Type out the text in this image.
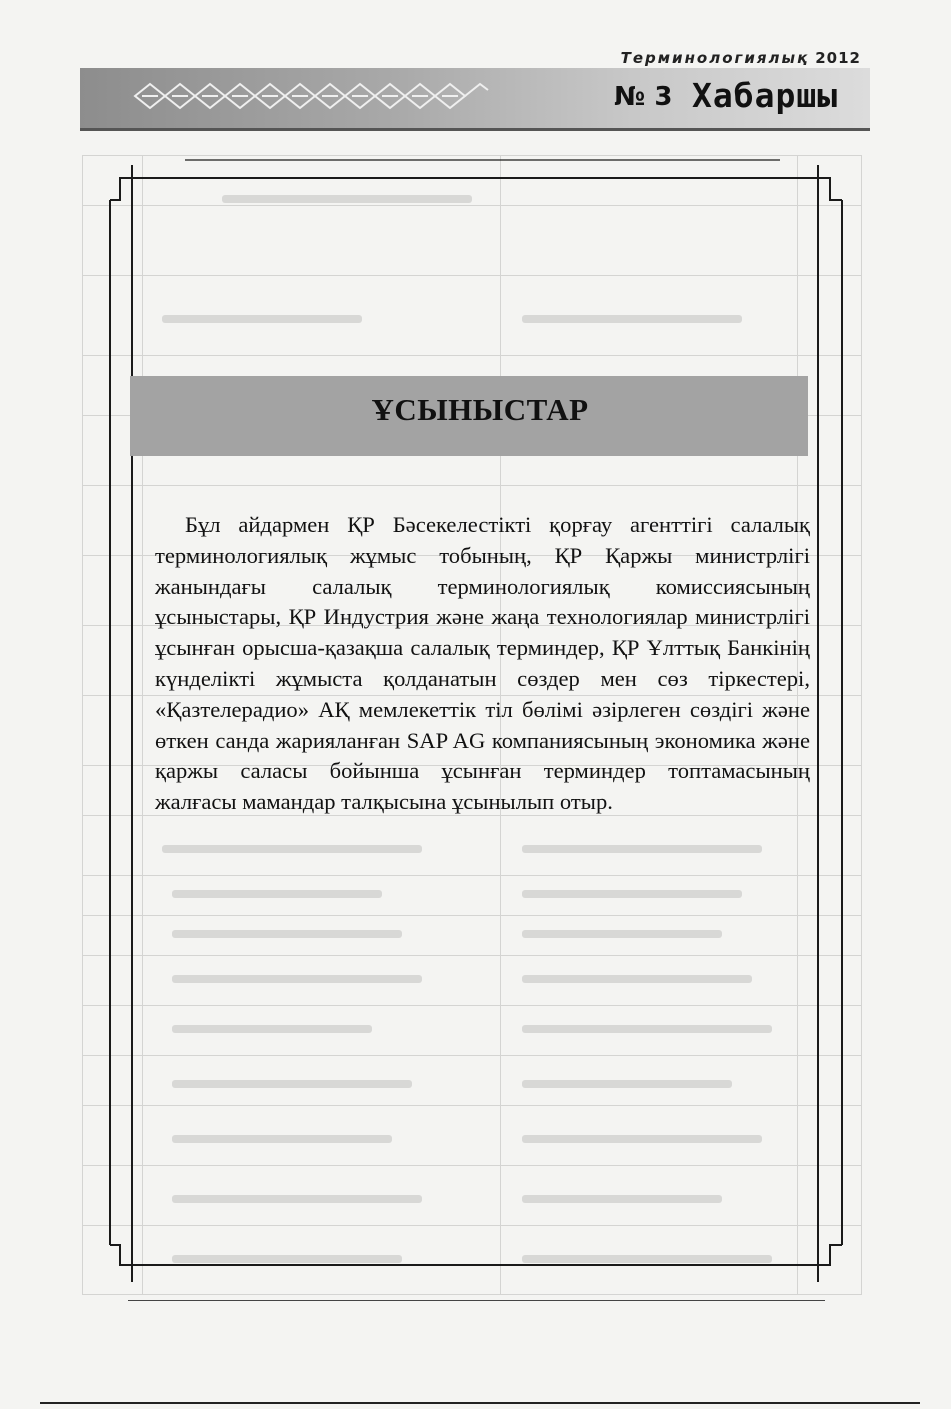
Терминологиялық 2012
№ 3 Хабаршы
ҰСЫНЫСТАР

Бұл айдармен ҚР Бәсекелестікті қорғау агенттігі салалық терминологиялық жұмыс тобының, ҚР Қаржы министрлігі жанындағы салалық терминологиялық комиссиясының ұсыныстары, ҚР Индустрия және жаңа технологиялар министрлігі ұсынған орысша-қазақша салалық терминдер, ҚР Ұлттық Банкінің күнделікті жұмыста қолданатын сөздер мен сөз тіркестері, «Қазтелерадио» АҚ мемлекеттік тіл бөлімі әзірлеген сөздігі және өткен санда жарияланған SAP AG компаниясының экономика және қаржы саласы бойынша ұсынған терминдер топтамасының жалғасы мамандар талқысына ұсынылып отыр.
